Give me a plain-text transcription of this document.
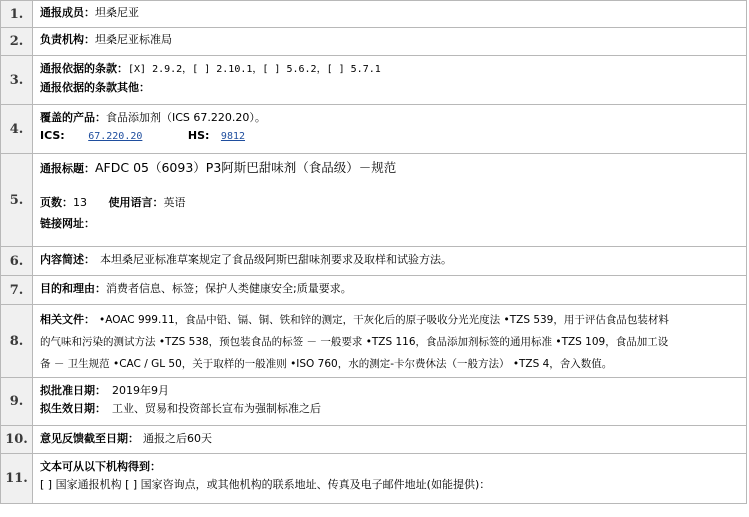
1.	通报成员：坦桑尼亚

2.	负责机构：坦桑尼亚标准局

3.	通报依据的条款：[X] 2.9.2，[ ] 2.10.1，[ ] 5.6.2，[ ] 5.7.1
通报依据的条款其他：

4.	覆盖的产品：食品添加剂（ICS 67.220.20）。
ICS: 67.220.20 HS: 9812

5.	通报标题：AFDC 05（6093）P3阿斯巴甜味剂（食品级）－规范
页数：13 使用语言：英语
链接网址：

6.	内容简述： 本坦桑尼亚标准草案规定了食品级阿斯巴甜味剂要求及取样和试验方法。

7.	目的和理由：消费者信息、标签；保护人类健康安全;质量要求。

8.	相关文件： •AOAC 999.11，食品中铅、镉、铜、铁和锌的测定，干灰化后的原子吸收分光光度法 •TZS 539，用于评估食品包装材料
的气味和污染的测试方法 •TZS 538，预包装食品的标签 － 一般要求 •TZS 116，食品添加剂标签的通用标准 •TZS 109，食品加工设
备 － 卫生规范 •CAC / GL 50，关于取样的一般准则 •ISO 760，水的测定-卡尔费休法（一般方法） •TZS 4，舍入数值。

9.	拟批准日期： 2019年9月
拟生效日期： 工业、贸易和投资部长宣布为强制标准之后

10.	意见反馈截至日期： 通报之后60天

11.	文本可从以下机构得到：
[ ] 国家通报机构 [ ] 国家咨询点，或其他机构的联系地址、传真及电子邮件地址(如能提供)：
